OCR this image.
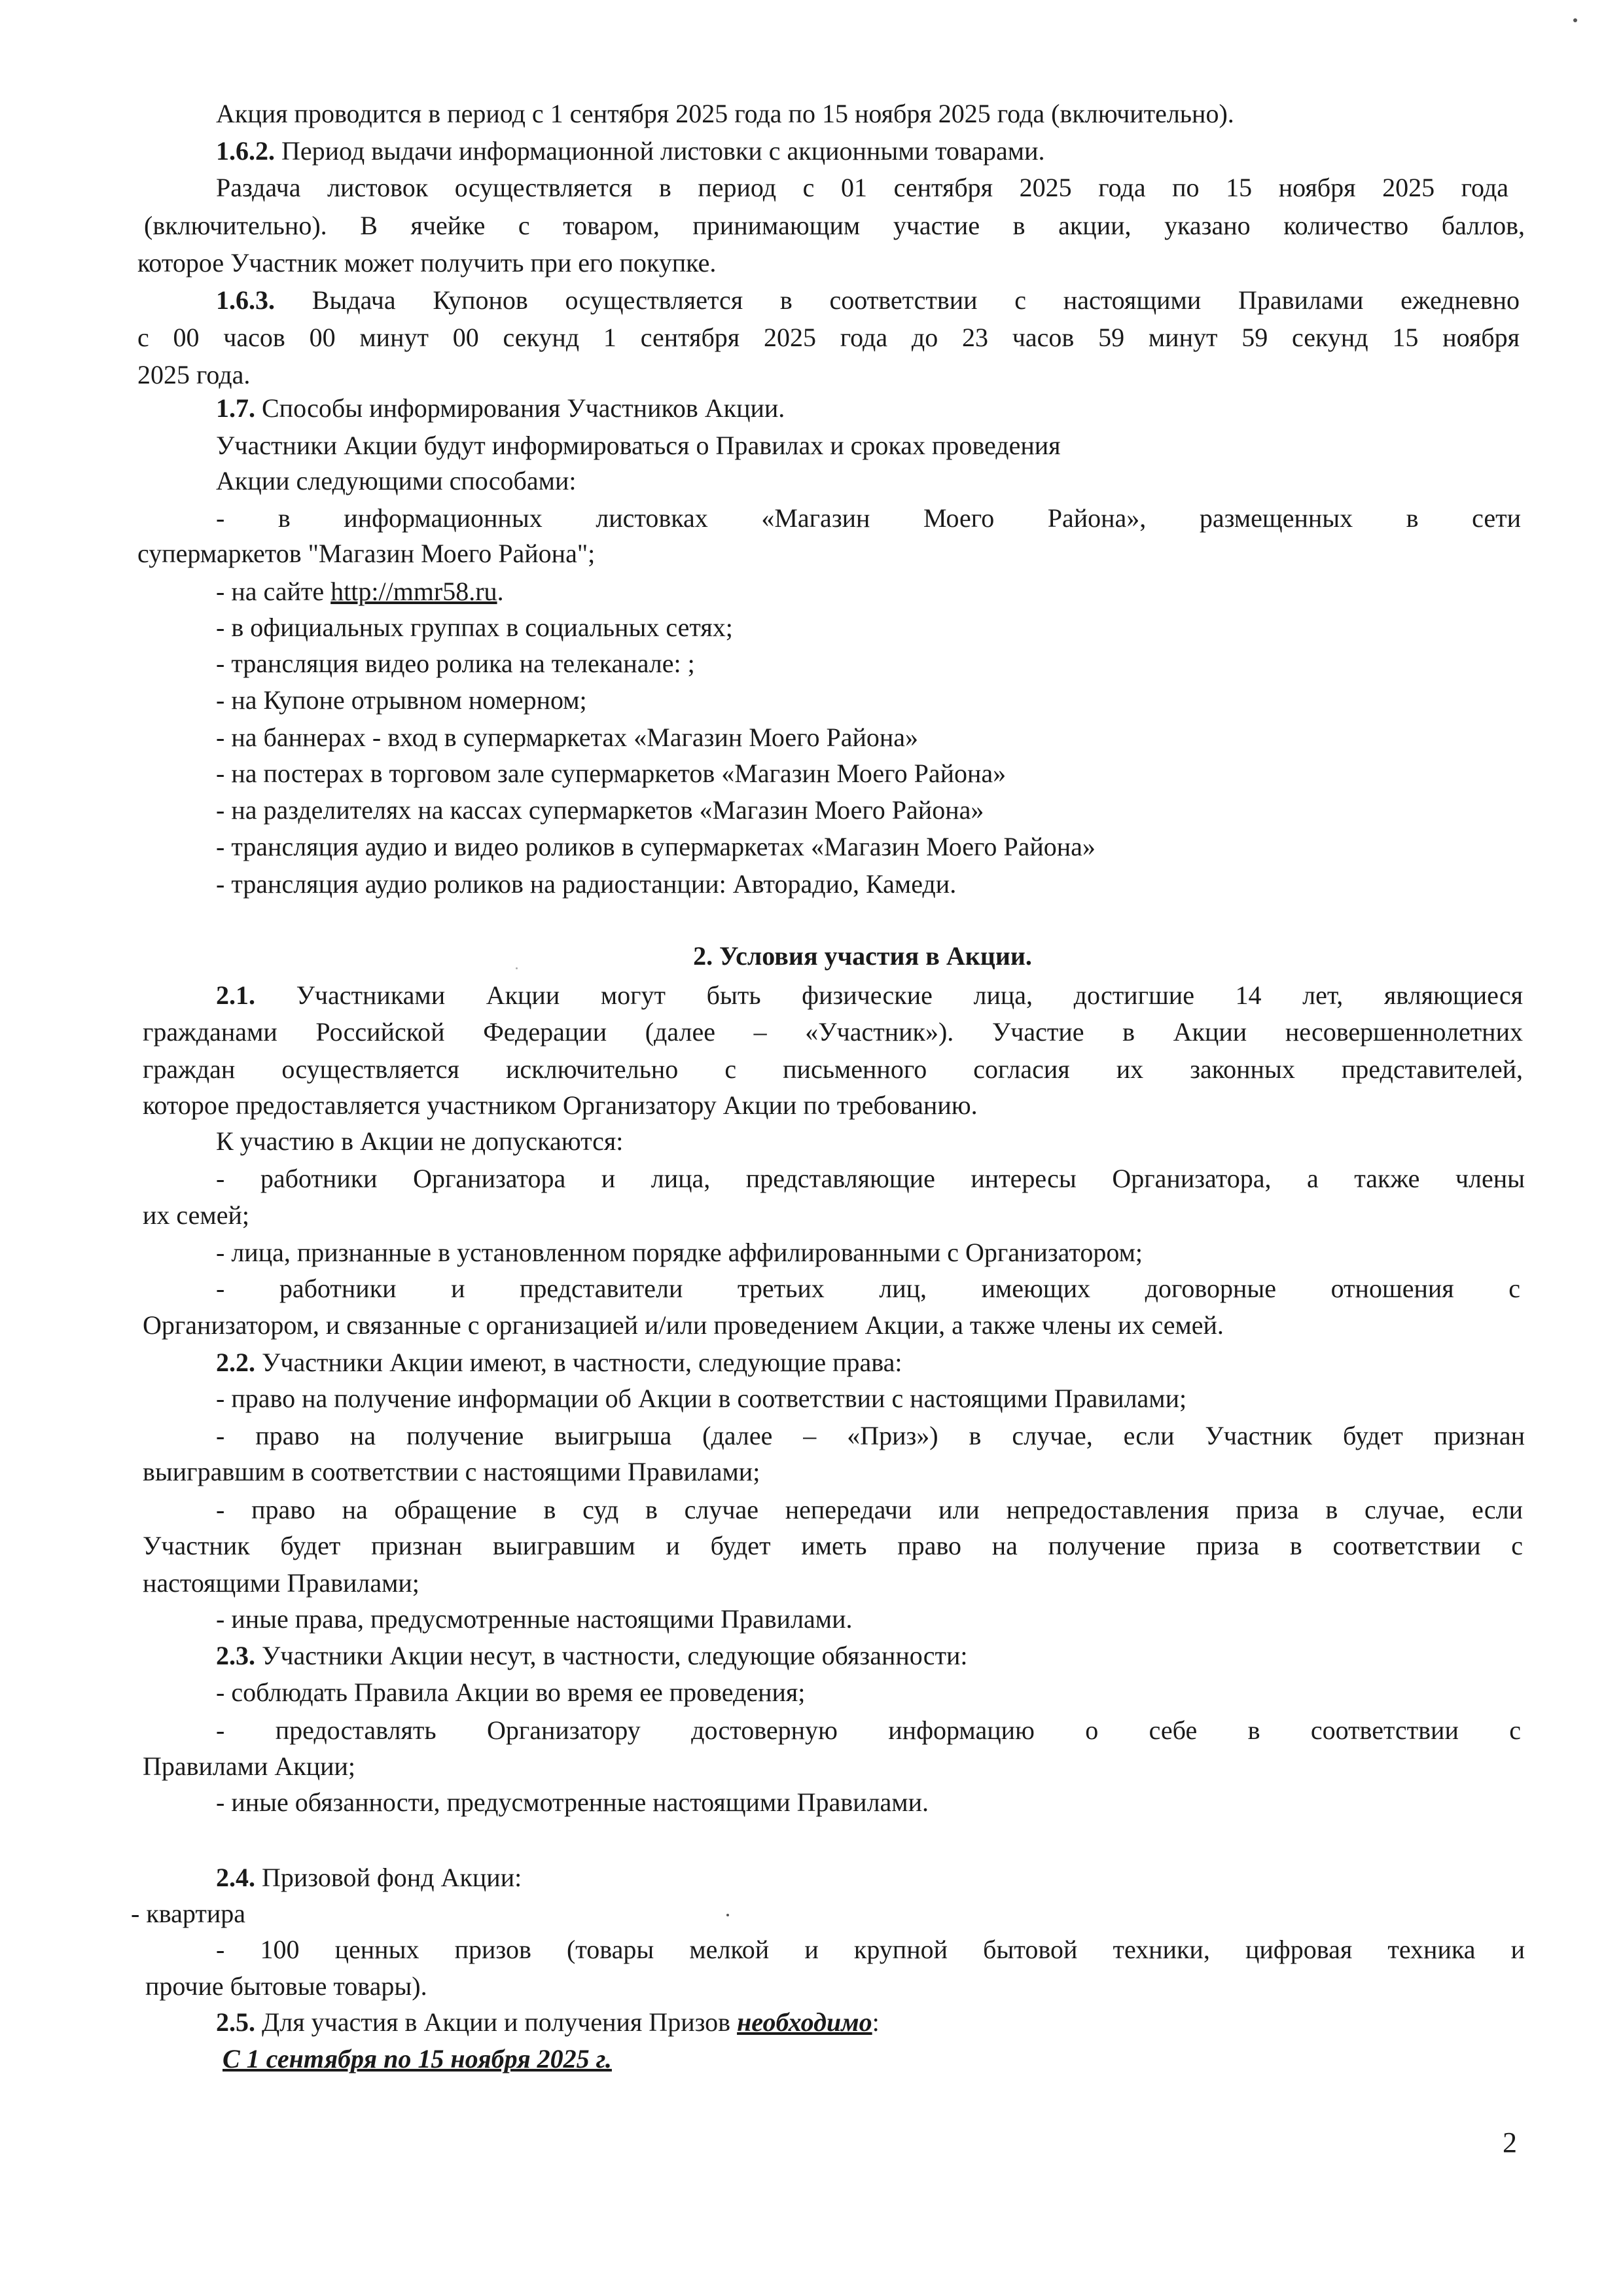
Акция проводится в период с 1 сентября 2025 года по 15 ноября 2025 года (включительно).
1.6.2. Период выдачи информационной листовки с акционными товарами.
Раздача листовок осуществляется в период с 01 сентября 2025 года по 15 ноября 2025 года
(включительно). В ячейке с товаром, принимающим участие в акции, указано количество баллов,
которое Участник может получить при его покупке.
1.6.3. Выдача Купонов осуществляется в соответствии с настоящими Правилами ежедневно
с 00 часов 00 минут 00 секунд 1 сентября 2025 года до 23 часов 59 минут 59 секунд 15 ноября
2025 года.
1.7. Способы информирования Участников Акции.
Участники Акции будут информироваться о Правилах и сроках проведения
Акции следующими способами:
- в информационных листовках «Магазин Моего Района», размещенных в сети
супермаркетов "Магазин Моего Района";
- на сайте http://mmr58.ru.
- в официальных группах в социальных сетях;
- трансляция видео ролика на телеканале: ;
- на Купоне отрывном номерном;
- на баннерах - вход в супермаркетах «Магазин Моего Района»
- на постерах в торговом зале супермаркетов «Магазин Моего Района»
- на разделителях на кассах супермаркетов «Магазин Моего Района»
- трансляция аудио и видео роликов в супермаркетах «Магазин Моего Района»
- трансляция аудио роликов на радиостанции: Авторадио, Камеди.
2. Условия участия в Акции.
2.1. Участниками Акции могут быть физические лица, достигшие 14 лет, являющиеся
гражданами Российской Федерации (далее – «Участник»). Участие в Акции несовершеннолетних
граждан осуществляется исключительно с письменного согласия их законных представителей,
которое предоставляется участником Организатору Акции по требованию.
К участию в Акции не допускаются:
- работники Организатора и лица, представляющие интересы Организатора, а также члены
их семей;
- лица, признанные в установленном порядке аффилированными с Организатором;
- работники и представители третьих лиц, имеющих договорные отношения с
Организатором, и связанные с организацией и/или проведением Акции, а также члены их семей.
2.2. Участники Акции имеют, в частности, следующие права:
- право на получение информации об Акции в соответствии с настоящими Правилами;
- право на получение выигрыша (далее – «Приз») в случае, если Участник будет признан
выигравшим в соответствии с настоящими Правилами;
- право на обращение в суд в случае непередачи или непредоставления приза в случае, если
Участник будет признан выигравшим и будет иметь право на получение приза в соответствии с
настоящими Правилами;
- иные права, предусмотренные настоящими Правилами.
2.3. Участники Акции несут, в частности, следующие обязанности:
- соблюдать Правила Акции во время ее проведения;
- предоставлять Организатору достоверную информацию о себе в соответствии с
Правилами Акции;
- иные обязанности, предусмотренные настоящими Правилами.
2.4. Призовой фонд Акции:
- квартира
- 100 ценных призов (товары мелкой и крупной бытовой техники, цифровая техника и
прочие бытовые товары).
2.5. Для участия в Акции и получения Призов необходимо:
С 1 сентября по 15 ноября 2025 г.
2
